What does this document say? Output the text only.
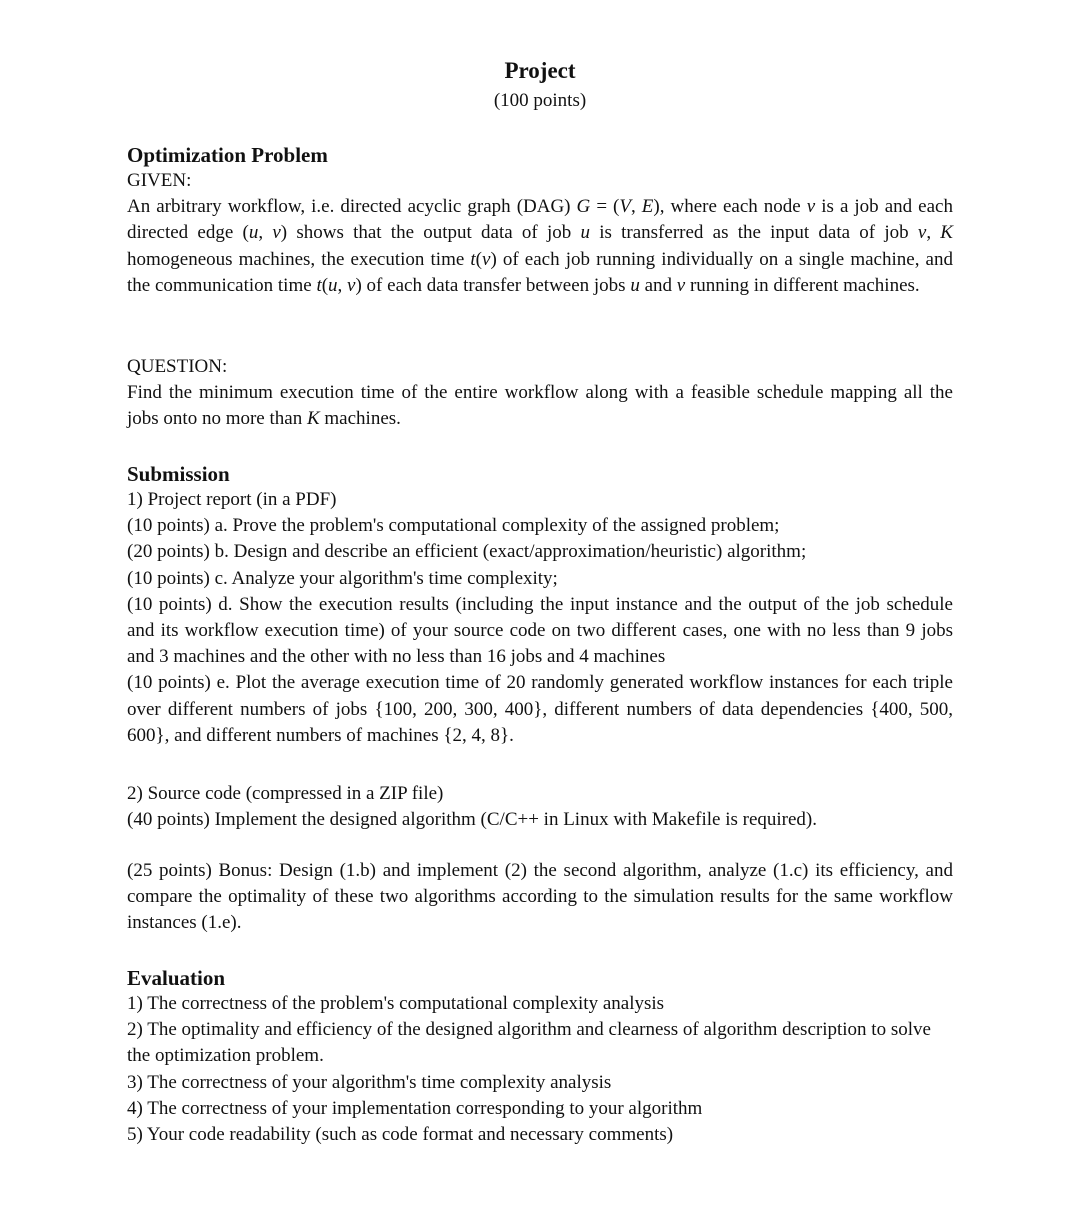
Project
(100 points)

Optimization Problem

GIVEN:

An arbitrary workflow, i.e. directed acyclic graph (DAG) G = (V, E), where each node v is a job and each directed edge (u, v) shows that the output data of job u is transferred as the input data of job v, K homogeneous machines, the execution time t(v) of each job running individually on a single machine, and the communication time t(u, v) of each data transfer between jobs u and v running in different machines.

QUESTION:

Find the minimum execution time of the entire workflow along with a feasible schedule mapping all the jobs onto no more than K machines.

Submission

1) Project report (in a PDF)

(10 points) a. Prove the problem's computational complexity of the assigned problem;

(20 points) b. Design and describe an efficient (exact/approximation/heuristic) algorithm;

(10 points) c. Analyze your algorithm's time complexity;

(10 points) d. Show the execution results (including the input instance and the output of the job schedule and its workflow execution time) of your source code on two different cases, one with no less than 9 jobs and 3 machines and the other with no less than 16 jobs and 4 machines

(10 points) e. Plot the average execution time of 20 randomly generated workflow instances for each triple over different numbers of jobs {100, 200, 300, 400}, different numbers of data dependencies {400, 500, 600}, and different numbers of machines {2, 4, 8}.

2) Source code (compressed in a ZIP file)

(40 points) Implement the designed algorithm (C/C++ in Linux with Makefile is required).

(25 points) Bonus: Design (1.b) and implement (2) the second algorithm, analyze (1.c) its efficiency, and compare the optimality of these two algorithms according to the simulation results for the same workflow instances (1.e).

Evaluation

1) The correctness of the problem's computational complexity analysis

2) The optimality and efficiency of the designed algorithm and clearness of algorithm description to solve the optimization problem.

3) The correctness of your algorithm's time complexity analysis

4) The correctness of your implementation corresponding to your algorithm

5) Your code readability (such as code format and necessary comments)
